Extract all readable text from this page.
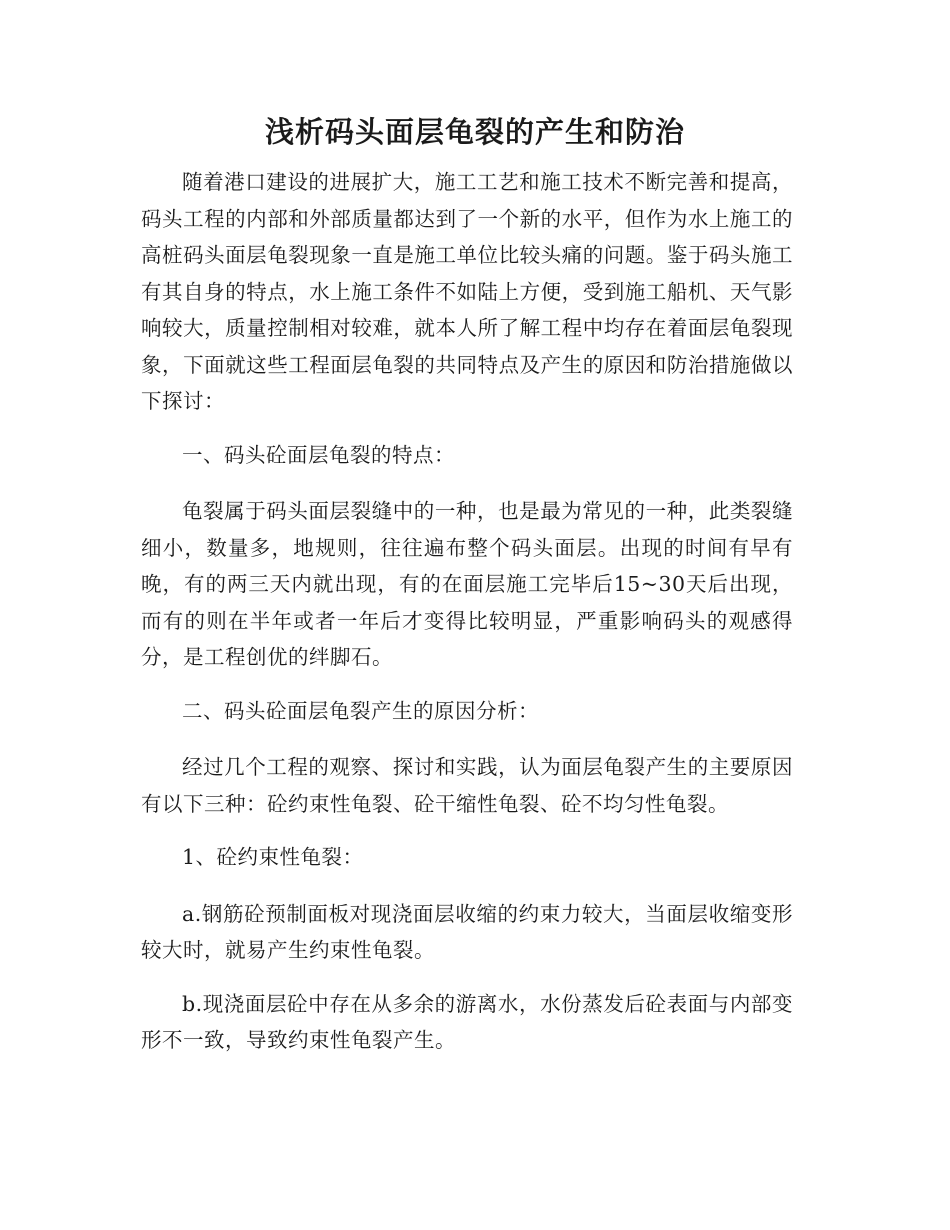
浅析码头面层龟裂的产生和防治

随着港口建设的进展扩大，施工工艺和施工技术不断完善和提高，码头工程的内部和外部质量都达到了一个新的水平，但作为水上施工的高桩码头面层龟裂现象一直是施工单位比较头痛的问题。鉴于码头施工有其自身的特点，水上施工条件不如陆上方便，受到施工船机、天气影响较大，质量控制相对较难，就本人所了解工程中均存在着面层龟裂现象，下面就这些工程面层龟裂的共同特点及产生的原因和防治措施做以下探讨：

一、码头砼面层龟裂的特点：

龟裂属于码头面层裂缝中的一种，也是最为常见的一种，此类裂缝细小，数量多，地规则，往往遍布整个码头面层。出现的时间有早有晚，有的两三天内就出现，有的在面层施工完毕后15~30天后出现，而有的则在半年或者一年后才变得比较明显，严重影响码头的观感得分，是工程创优的绊脚石。

二、码头砼面层龟裂产生的原因分析：

经过几个工程的观察、探讨和实践，认为面层龟裂产生的主要原因有以下三种：砼约束性龟裂、砼干缩性龟裂、砼不均匀性龟裂。

1、砼约束性龟裂：

a.钢筋砼预制面板对现浇面层收缩的约束力较大，当面层收缩变形较大时，就易产生约束性龟裂。

b.现浇面层砼中存在从多余的游离水，水份蒸发后砼表面与内部变形不一致，导致约束性龟裂产生。
